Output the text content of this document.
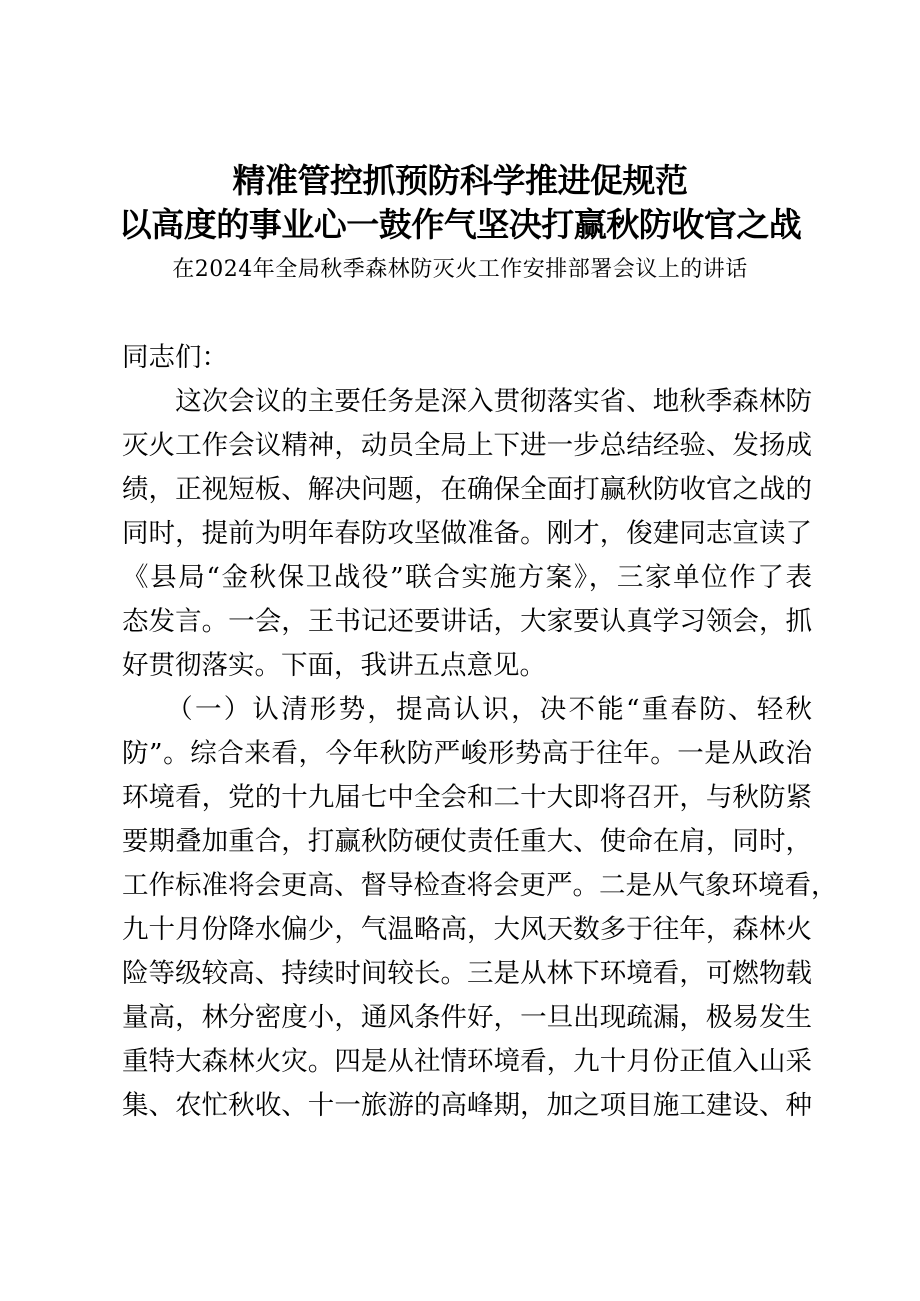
精准管控抓预防科学推进促规范
以高度的事业心一鼓作气坚决打赢秋防收官之战
在2024年全局秋季森林防灭火工作安排部署会议上的讲话
同志们：
　　这次会议的主要任务是深入贯彻落实省、地秋季森林防
灭火工作会议精神，动员全局上下进一步总结经验、发扬成
绩，正视短板、解决问题，在确保全面打赢秋防收官之战的
同时，提前为明年春防攻坚做准备。刚才，俊建同志宣读了
《县局“金秋保卫战役”联合实施方案》，三家单位作了表
态发言。一会，王书记还要讲话，大家要认真学习领会，抓
好贯彻落实。下面，我讲五点意见。
　　（一）认清形势，提高认识，决不能“重春防、轻秋
防”。综合来看，今年秋防严峻形势高于往年。一是从政治
环境看，党的十九届七中全会和二十大即将召开，与秋防紧
要期叠加重合，打赢秋防硬仗责任重大、使命在肩，同时，
工作标准将会更高、督导检查将会更严。二是从气象环境看，
九十月份降水偏少，气温略高，大风天数多于往年，森林火
险等级较高、持续时间较长。三是从林下环境看，可燃物载
量高，林分密度小，通风条件好，一旦出现疏漏，极易发生
重特大森林火灾。四是从社情环境看，九十月份正值入山采
集、农忙秋收、十一旅游的高峰期，加之项目施工建设、种
